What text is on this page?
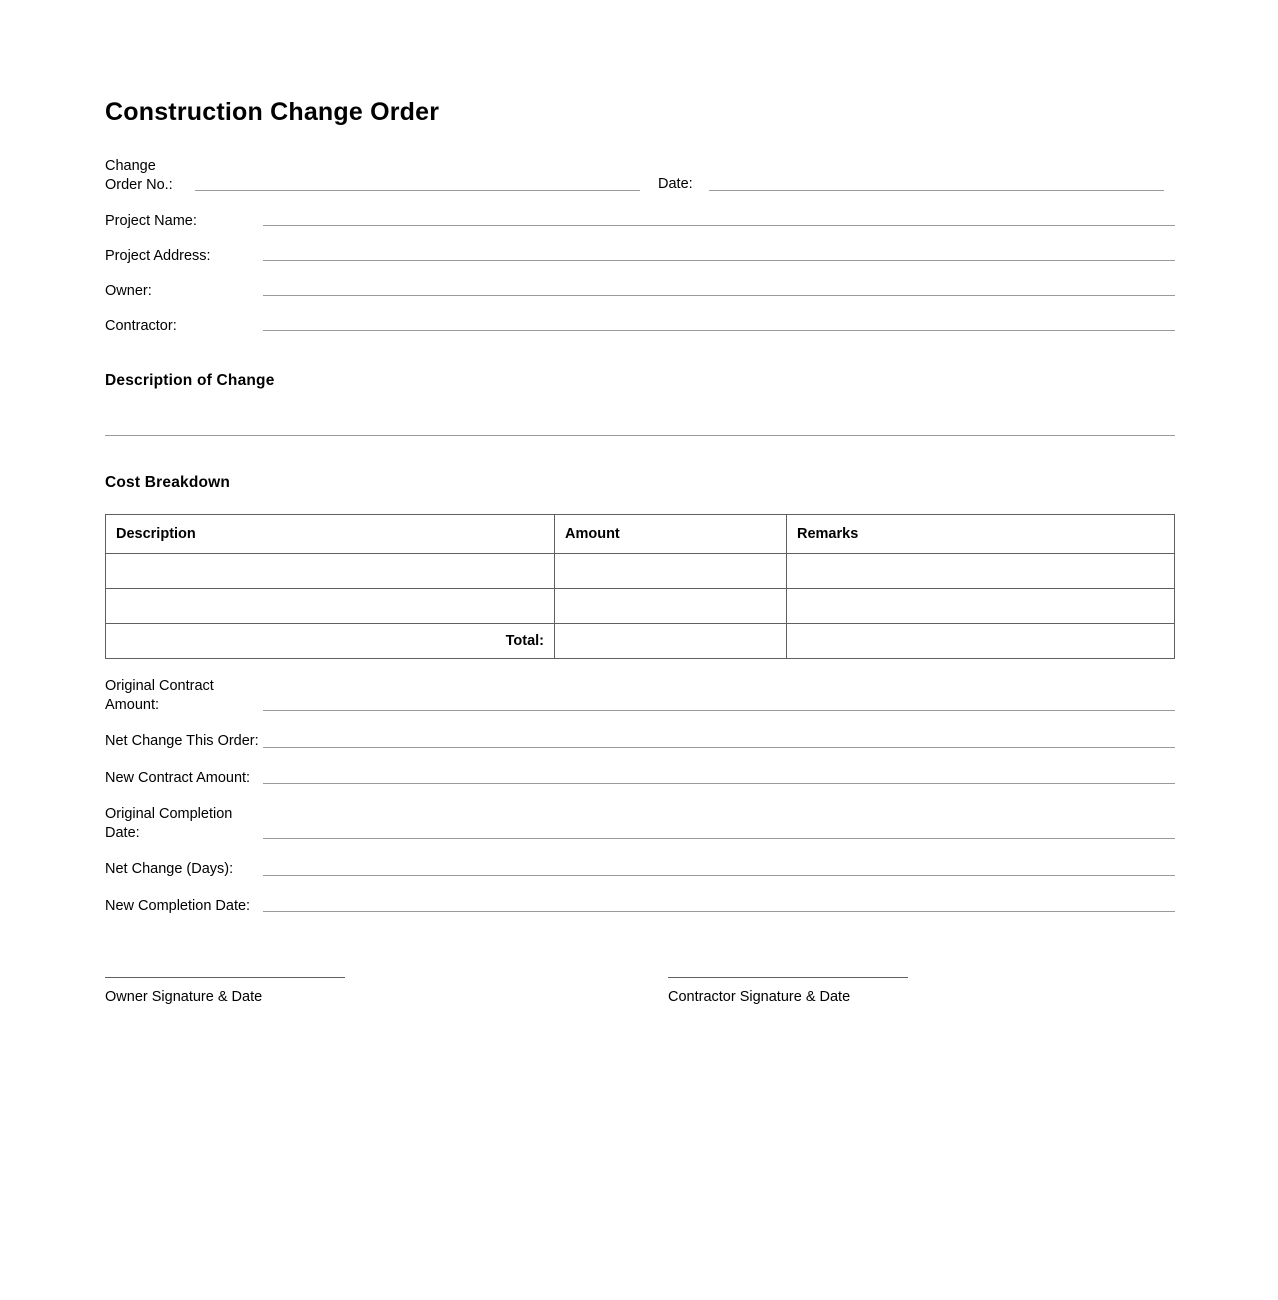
Construction Change Order
Change Order No.:	Date:
Project Name:
Project Address:
Owner:
Contractor:
Description of Change
Cost Breakdown
Description	Amount	Remarks

Total:		
Original Contract Amount:
Net Change This Order:
New Contract Amount:
Original Completion Date:
Net Change (Days):
New Completion Date:
Owner Signature & Date	Contractor Signature & Date
